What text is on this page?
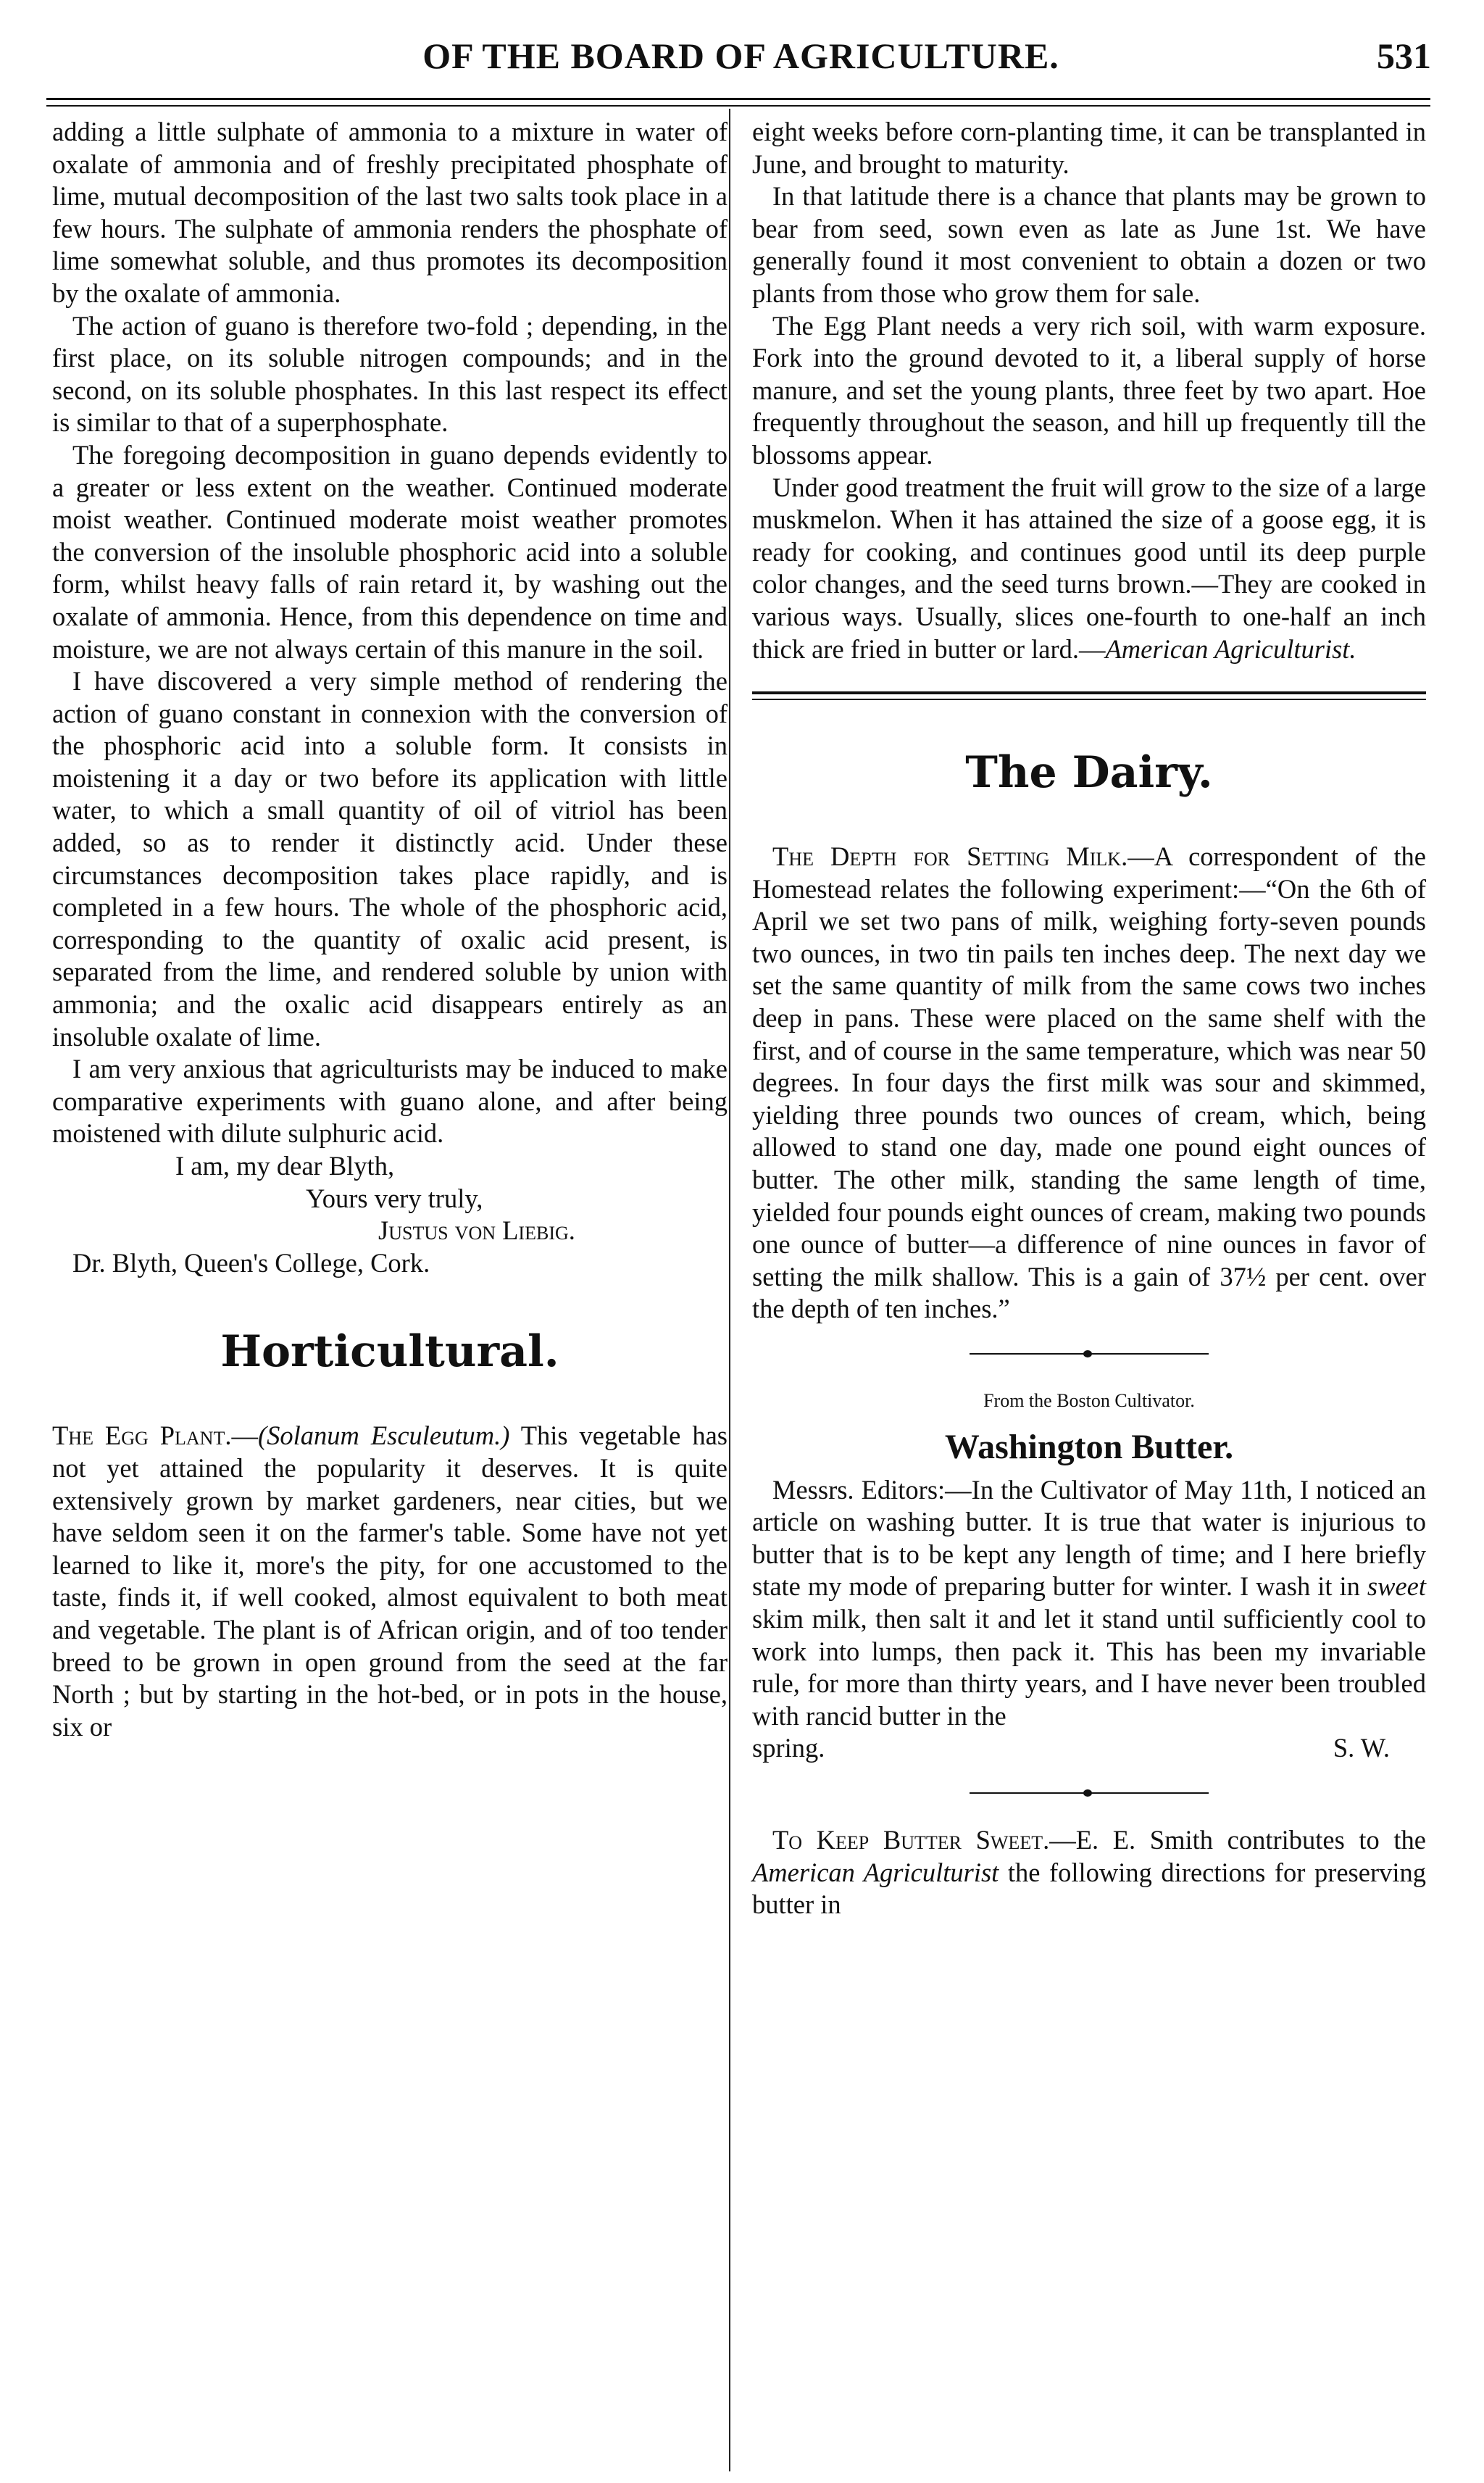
OF THE BOARD OF AGRICULTURE.	531

adding a little sulphate of ammonia to a mixture in water of oxalate of ammonia and of freshly precipitated phosphate of lime, mutual decomposition of the last two salts took place in a few hours. The sulphate of ammonia renders the phosphate of lime somewhat soluble, and thus promotes its decomposition by the oxalate of ammonia.

The action of guano is therefore two-fold ; depending, in the first place, on its soluble nitrogen compounds; and in the second, on its soluble phosphates. In this last respect its effect is similar to that of a superphosphate.

The foregoing decomposition in guano depends evidently to a greater or less extent on the weather. Continued moderate moist weather. Continued moderate moist weather promotes the conversion of the insoluble phosphoric acid into a soluble form, whilst heavy falls of rain retard it, by washing out the oxalate of ammonia. Hence, from this dependence on time and moisture, we are not always certain of this manure in the soil.

I have discovered a very simple method of rendering the action of guano constant in connexion with the conversion of the phosphoric acid into a soluble form. It consists in moistening it a day or two before its application with little water, to which a small quantity of oil of vitriol has been added, so as to render it distinctly acid. Under these circumstances decomposition takes place rapidly, and is completed in a few hours. The whole of the phosphoric acid, corresponding to the quantity of oxalic acid present, is separated from the lime, and rendered soluble by union with ammonia; and the oxalic acid disappears entirely as an insoluble oxalate of lime.

I am very anxious that agriculturists may be induced to make comparative experiments with guano alone, and after being moistened with dilute sulphuric acid.

I am, my dear Blyth,

Yours very truly,

Justus von Liebig.

Dr. Blyth, Queen's College, Cork.

Horticultural.

The Egg Plant.—(Solanum Esculeutum.) This vegetable has not yet attained the popularity it deserves. It is quite extensively grown by market gardeners, near cities, but we have seldom seen it on the farmer's table. Some have not yet learned to like it, more's the pity, for one accustomed to the taste, finds it, if well cooked, almost equivalent to both meat and vegetable. The plant is of African origin, and of too tender breed to be grown in open ground from the seed at the far North ; but by starting in the hot-bed, or in pots in the house, six or

eight weeks before corn-planting time, it can be transplanted in June, and brought to maturity.

In that latitude there is a chance that plants may be grown to bear from seed, sown even as late as June 1st. We have generally found it most convenient to obtain a dozen or two plants from those who grow them for sale.

The Egg Plant needs a very rich soil, with warm exposure. Fork into the ground devoted to it, a liberal supply of horse manure, and set the young plants, three feet by two apart. Hoe frequently throughout the season, and hill up frequently till the blossoms appear.

Under good treatment the fruit will grow to the size of a large muskmelon. When it has attained the size of a goose egg, it is ready for cooking, and continues good until its deep purple color changes, and the seed turns brown.—They are cooked in various ways. Usually, slices one-fourth to one-half an inch thick are fried in butter or lard.—American Agriculturist.

The Dairy.

The Depth for Setting Milk.—A correspondent of the Homestead relates the following experiment:—“On the 6th of April we set two pans of milk, weighing forty-seven pounds two ounces, in two tin pails ten inches deep. The next day we set the same quantity of milk from the same cows two inches deep in pans. These were placed on the same shelf with the first, and of course in the same temperature, which was near 50 degrees. In four days the first milk was sour and skimmed, yielding three pounds two ounces of cream, which, being allowed to stand one day, made one pound eight ounces of butter. The other milk, standing the same length of time, yielded four pounds eight ounces of cream, making two pounds one ounce of butter—a difference of nine ounces in favor of setting the milk shallow. This is a gain of 37½ per cent. over the depth of ten inches.”

From the Boston Cultivator.
Washington Butter.

Messrs. Editors:—In the Cultivator of May 11th, I noticed an article on washing butter. It is true that water is injurious to butter that is to be kept any length of time; and I here briefly state my mode of preparing butter for winter. I wash it in sweet skim milk, then salt it and let it stand until sufficiently cool to work into lumps, then pack it. This has been my invariable rule, for more than thirty years, and I have never been troubled with rancid butter in the

spring.	S. W.

To Keep Butter Sweet.—E. E. Smith contributes to the American Agriculturist the following directions for preserving butter in
